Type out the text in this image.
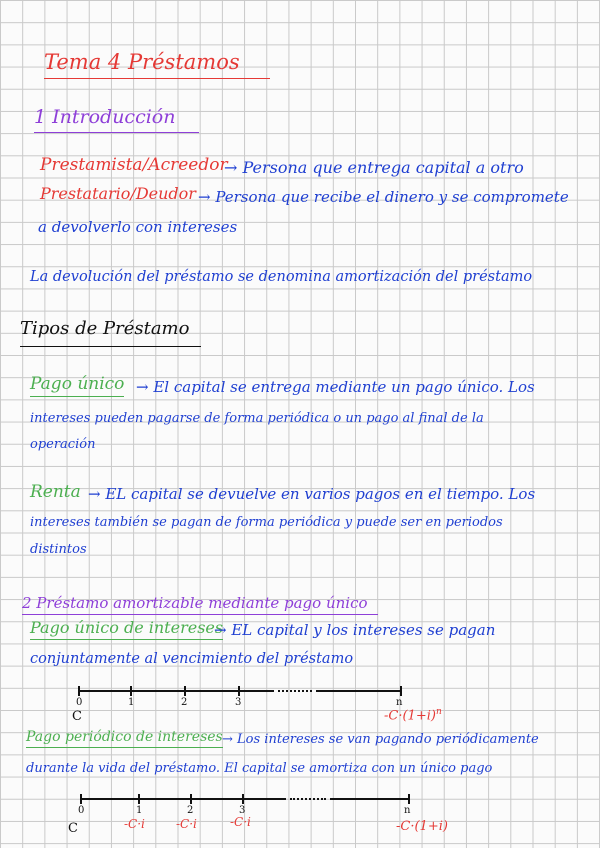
Tema 4 Préstamos
1 Introducción
Prestamista/Acreedor
→ Persona que entrega capital a otro
Prestatario/Deudor → Persona que recibe el dinero y se compromete
a devolverlo con intereses
La devolución del préstamo se denomina amortización del préstamo
Tipos de Préstamo
Pago único → El capital se entrega mediante un pago único. Los
intereses pueden pagarse de forma periódica o un pago al final de la
operación
Renta → EL capital se devuelve en varios pagos en el tiempo. Los
intereses también se pagan de forma periódica y puede ser en periodos
distintos
2 Préstamo amortizable mediante pago único
Pago único de intereses
→ EL capital y los intereses se pagan
conjuntamente al vencimiento del préstamo
0	1	2	3	n
C	$-C\cdot(1+i)^n$
Pago periódico de intereses → Los intereses se van pagando periódicamente
durante la vida del préstamo. El capital se amortiza con un único pago
0	1	2	3	n
C	-C·i	-C·i	-C·i	-C·(1+i)
